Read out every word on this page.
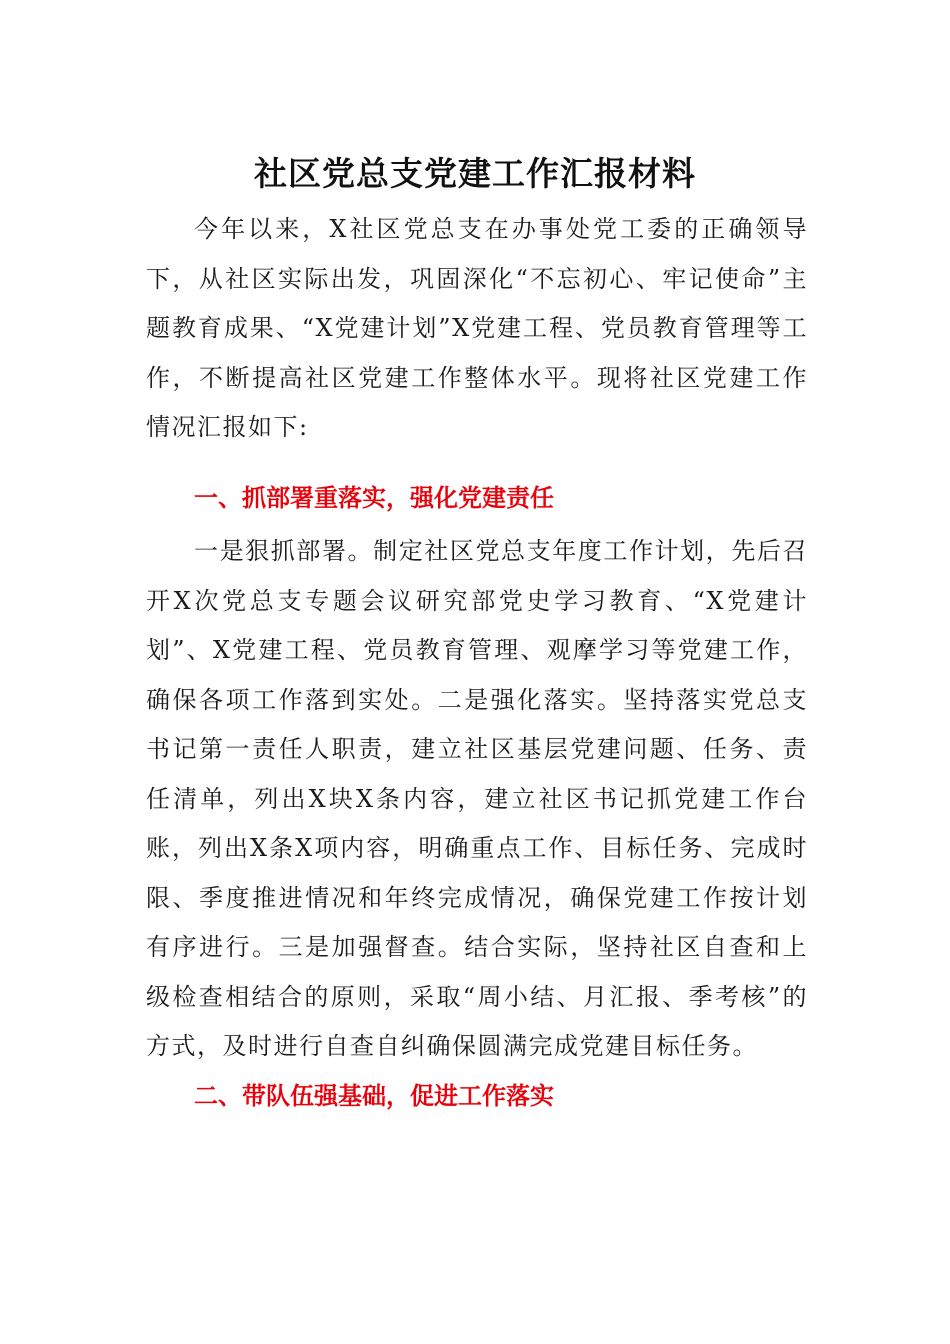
社区党总支党建工作汇报材料

今年以来，X社区党总支在办事处党工委的正确领导下，从社区实际出发，巩固深化“不忘初心、牢记使命”主题教育成果、“X党建计划”X党建工程、党员教育管理等工作，不断提高社区党建工作整体水平。现将社区党建工作情况汇报如下:

一、抓部署重落实，强化党建责任

一是狠抓部署。制定社区党总支年度工作计划，先后召开X次党总支专题会议研究部党史学习教育、“X党建计划”、X党建工程、党员教育管理、观摩学习等党建工作，确保各项工作落到实处。二是强化落实。坚持落实党总支书记第一责任人职责，建立社区基层党建问题、任务、责任清单，列出X块X条内容，建立社区书记抓党建工作台账，列出X条X项内容，明确重点工作、目标任务、完成时限、季度推进情况和年终完成情况，确保党建工作按计划有序进行。三是加强督查。结合实际，坚持社区自查和上级检查相结合的原则，采取“周小结、月汇报、季考核”的方式，及时进行自查自纠确保圆满完成党建目标任务。

二、带队伍强基础，促进工作落实
